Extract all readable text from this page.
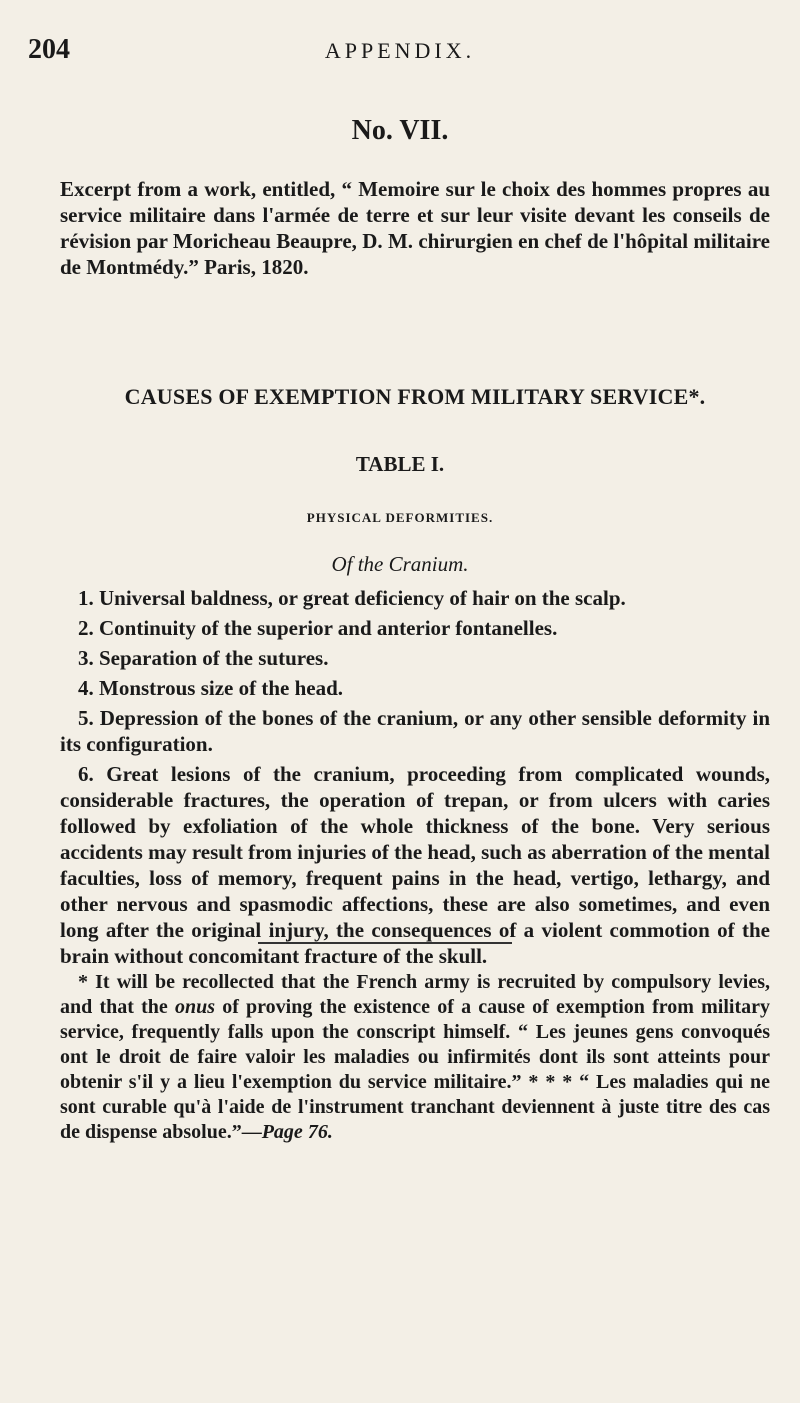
204	APPENDIX.
No. VII.

Excerpt from a work, entitled, “ Memoire sur le choix des hommes propres au service militaire dans l'armée de terre et sur leur visite devant les conseils de révision par Moricheau Beaupre, D. M. chirurgien en chef de l'hôpital militaire de Montmédy.” Paris, 1820.

CAUSES OF EXEMPTION FROM MILITARY SERVICE*.
TABLE I.
PHYSICAL DEFORMITIES.
Of the Cranium.

1. Universal baldness, or great deficiency of hair on the scalp.

2. Continuity of the superior and anterior fontanelles.

3. Separation of the sutures.

4. Monstrous size of the head.

5. Depression of the bones of the cranium, or any other sensible deformity in its configuration.

6. Great lesions of the cranium, proceeding from complicated wounds, considerable fractures, the operation of trepan, or from ulcers with caries followed by exfoliation of the whole thickness of the bone. Very serious accidents may result from injuries of the head, such as aberration of the mental faculties, loss of memory, frequent pains in the head, vertigo, lethargy, and other nervous and spasmodic affections, these are also sometimes, and even long after the original injury, the consequences of a violent commotion of the brain without concomitant fracture of the skull.

* It will be recollected that the French army is recruited by compulsory levies, and that the onus of proving the existence of a cause of exemption from military service, frequently falls upon the conscript himself. “ Les jeunes gens convoqués ont le droit de faire valoir les maladies ou infirmités dont ils sont atteints pour obtenir s'il y a lieu l'exemption du service militaire.” * * * “ Les maladies qui ne sont curable qu'à l'aide de l'instrument tranchant deviennent à juste titre des cas de dispense absolue.”—Page 76.
